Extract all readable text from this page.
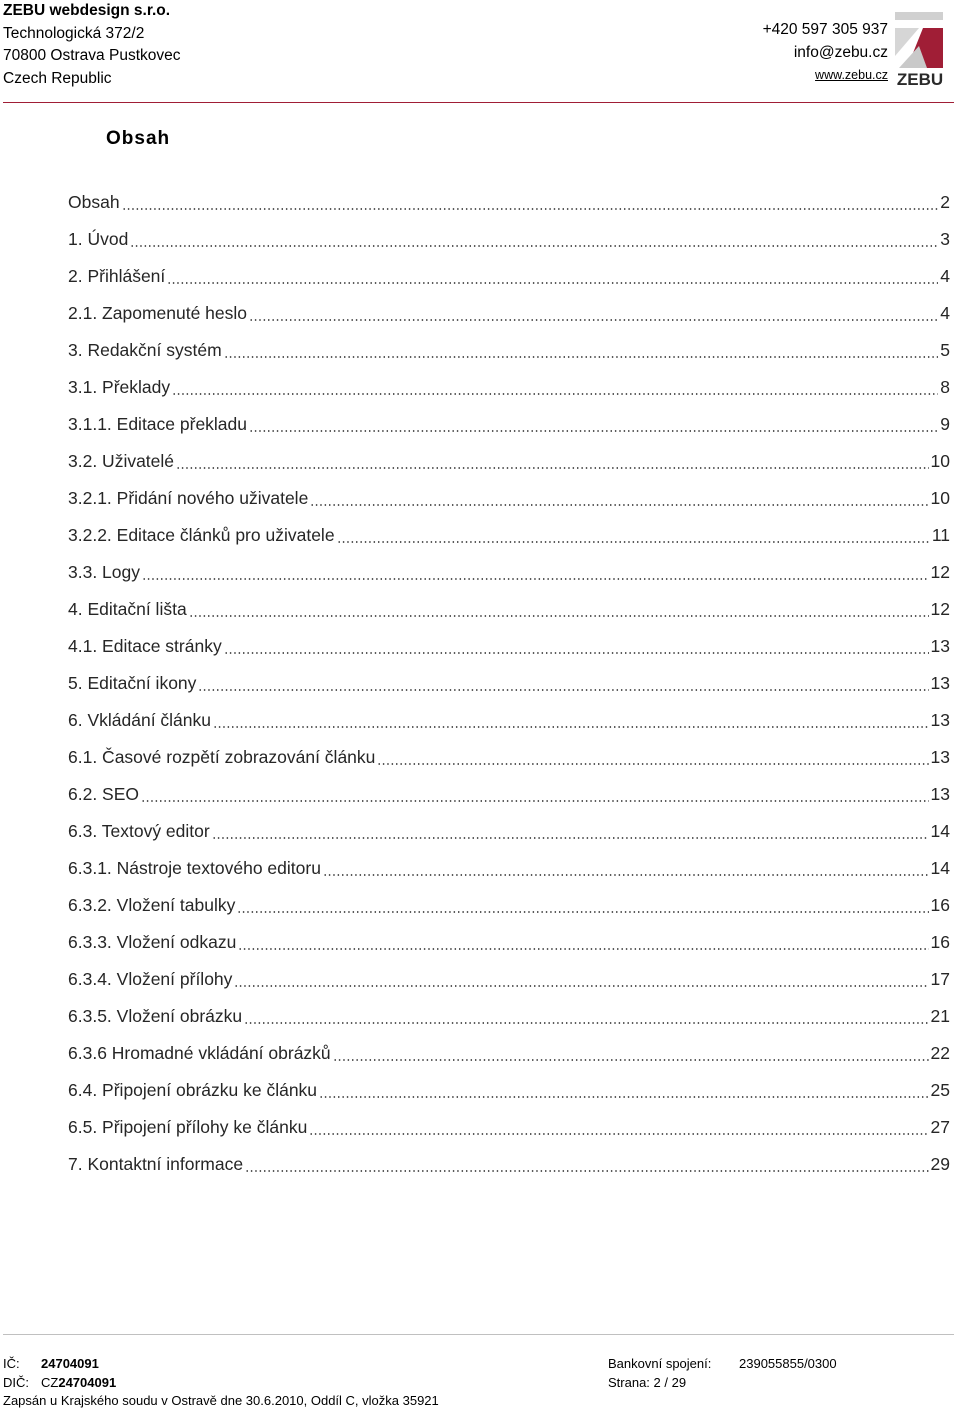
ZEBU webdesign s.r.o.
Technologická 372/2
70800 Ostrava Pustkovec
Czech Republic
+420 597 305 937
info@zebu.cz
www.zebu.cz ZEBU
Obsah
Obsah	2
1. Úvod	3
2. Přihlášení	4
2.1. Zapomenuté heslo	4
3. Redakční systém	5
3.1. Překlady	8
3.1.1. Editace překladu	9
3.2. Uživatelé	10
3.2.1. Přidání nového uživatele	10
3.2.2. Editace článků pro uživatele	11
3.3. Logy	12
4. Editační lišta	12
4.1. Editace stránky	13
5. Editační ikony	13
6. Vkládání článku	13
6.1. Časové rozpětí zobrazování článku	13
6.2. SEO	13
6.3. Textový editor	14
6.3.1. Nástroje textového editoru	14
6.3.2. Vložení tabulky	16
6.3.3. Vložení odkazu	16
6.3.4. Vložení přílohy	17
6.3.5. Vložení obrázku	21
6.3.6 Hromadné vkládání obrázků	22
6.4. Připojení obrázku ke článku	25
6.5. Připojení přílohy ke článku	27
7. Kontaktní informace	29
IČ: 24704091
DIČ: CZ24704091
Zapsán u Krajského soudu v Ostravě dne 30.6.2010, Oddíl C, vložka 35921
Bankovní spojení: 239055855/0300
Strana: 2 / 29
